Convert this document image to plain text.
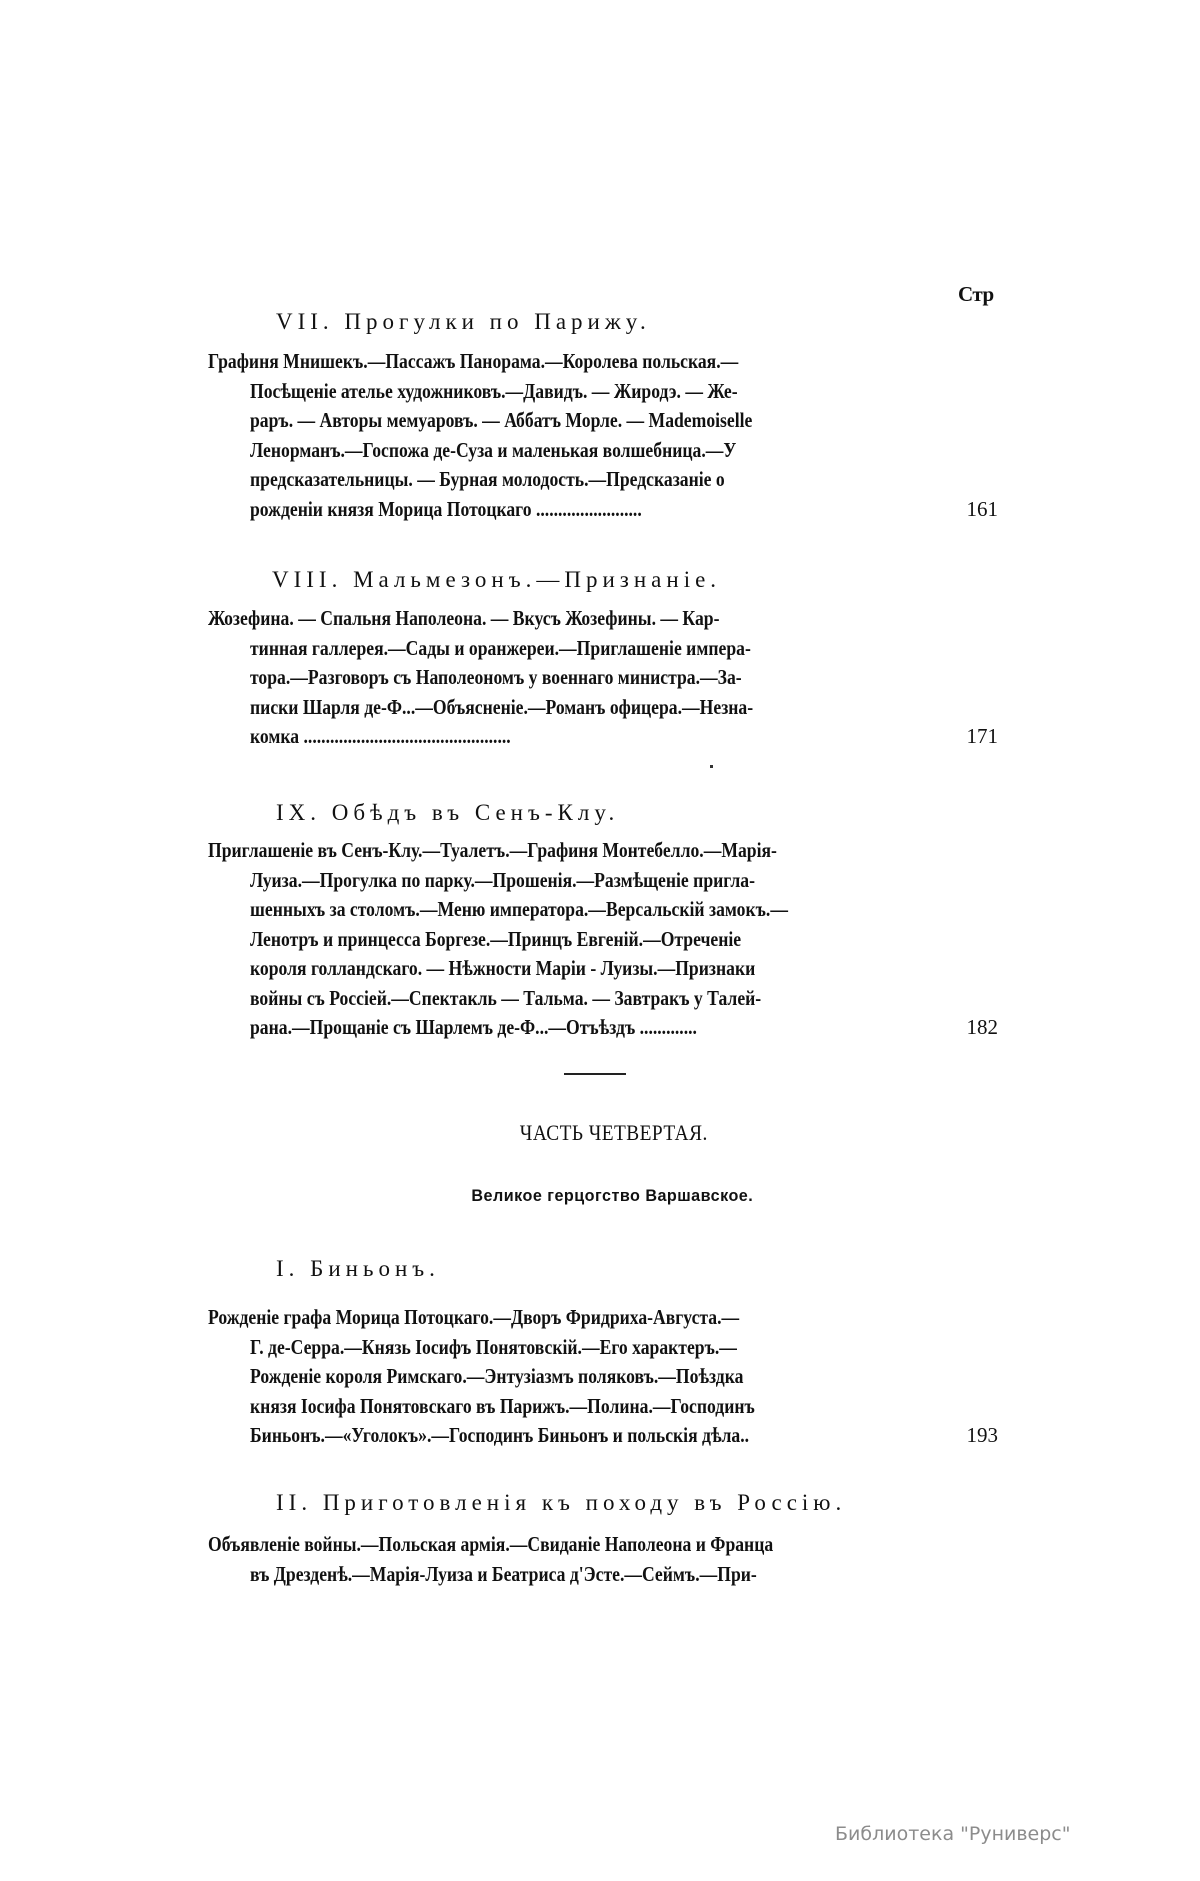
Стр
VII. Прогулки по Парижу.
Графиня Мнишекъ.—Пассажъ Панорама.—Королева польская.—
Посѣщеніе ателье художниковъ.—Давидъ. — Жиродэ. — Же-
раръ. — Авторы мемуаровъ. — Аббатъ Морле. — Mademoiselle
Ленорманъ.—Госпожа де-Суза и маленькая волшебница.—У
предсказательницы. — Бурная молодость.—Предсказаніе о
рожденіи князя Морица Потоцкаго ........................	161
VIII. Мальмезонъ.—Признаніе.
Жозефина. — Спальня Наполеона. — Вкусъ Жозефины. — Кар-
тинная галлерея.—Сады и оранжереи.—Приглашеніе импера-
тора.—Разговоръ съ Наполеономъ у военнаго министра.—За-
писки Шарля де-Ф...—Объясненіе.—Романъ офицера.—Незна-
комка ...............................................	171
IX. Обѣдъ въ Сенъ-Клу.
Приглашеніе въ Сенъ-Клу.—Туалетъ.—Графиня Монтебелло.—Марія-
Луиза.—Прогулка по парку.—Прошенія.—Размѣщеніе пригла-
шенныхъ за столомъ.—Меню императора.—Версальскій замокъ.—
Ленотръ и принцесса Боргезе.—Принцъ Евгеній.—Отреченіе
короля голландскаго. — Нѣжности Маріи - Луизы.—Признаки
войны съ Россіей.—Спектакль — Тальма. — Завтракъ у Талей-
рана.—Прощаніе съ Шарлемъ де-Ф...—Отъѣздъ .............	182
ЧАСТЬ ЧЕТВЕРТАЯ.
Великое герцогство Варшавское.
I. Биньонъ.
Рожденіе графа Морица Потоцкаго.—Дворъ Фридриха-Августа.—
Г. де-Серра.—Князь Іосифъ Понятовскій.—Его характеръ.—
Рожденіе короля Римскаго.—Энтузіазмъ поляковъ.—Поѣздка
князя Іосифа Понятовскаго въ Парижъ.—Полина.—Господинъ
Биньонъ.—«Уголокъ».—Господинъ Биньонъ и польскія дѣла..	193
II. Приготовленія къ походу въ Россію.
Объявленіе войны.—Польская армія.—Свиданіе Наполеона и Франца
въ Дрезденѣ.—Марія-Луиза и Беатриса д'Эсте.—Сеймъ.—При-
Библиотека "Руниверс"
